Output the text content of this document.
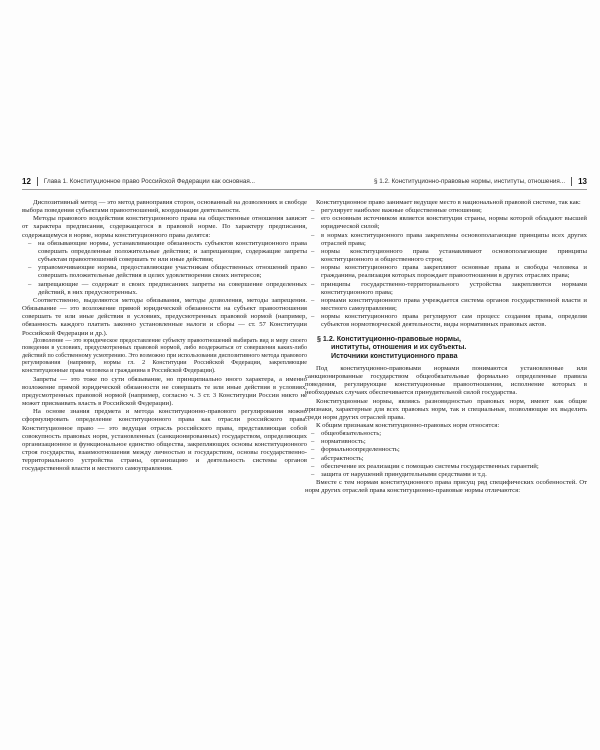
12 Глава 1. Конституционное право Российской Федерации как основная...
Диспозитивный метод — это метод равноправия сторон, основанный на дозволениях и свободе выбора поведения субъектами правоотношений, координации деятельности.
Методы правового воздействия конституционного права на общественные отношения зависят от характера предписания, содержащегося в правовой норме. По характеру предписания, содержащемуся в норме, нормы конституционного права делятся:
– на обязывающие нормы, устанавливающие обязанность субъектов конституционного права совершать определенные положительные действия; и запрещающие, содержащие запреты субъектам правоотношений совершать те или иные действия;
– управомочивающие нормы, предоставляющие участникам общественных отношений право совершать положительные действия в целях удовлетворения своих интересов;
– запрещающие — содержат в своих предписаниях запреты на совершение определенных действий, в них предусмотренных.
Соответственно, выделяются методы обязывания, методы дозволения, методы запрещения. Обязывание — это возложение прямой юридической обязанности на субъект правоотношения совершать те или иные действия в условиях, предусмотренных правовой нормой (например, обязанность каждого платить законно установленные налоги и сборы — ст. 57 Конституции Российской Федерации и др.).
Дозволение — это юридическое предоставление субъекту правоотношений выбирать вид и меру своего поведения в условиях, предусмотренных правовой нормой, либо воздержаться от совершения каких-либо действий по собственному усмотрению. Это возможно при использовании диспозитивного метода правового регулирования (например, нормы гл. 2 Конституции Российской Федерации, закрепляющие конституционные права человека и гражданина в Российской Федерации).
Запреты — это тоже по сути обязывание, но принципиально иного характера, а именно возложение прямой юридической обязанности не совершать те или иные действия в условиях, предусмотренных правовой нормой (например, согласно ч. 3 ст. 3 Конституции России никто не может присваивать власть в Российской Федерации).
На основе знания предмета и метода конституционно-правового регулирования можно сформулировать определение конституционного права как отрасли российского права. Конституционное право — это ведущая отрасль российского права, представляющая собой совокупность правовых норм, установленных (санкционированных) государством, определяющих организационное и функциональное единство общества, закрепляющих основы конституционного строя государства, взаимоотношения между личностью и государством, основы государственно-территориального устройства страны, организацию и деятельность системы органов государственной власти и местного самоуправления.
§ 1.2. Конституционно-правовые нормы, институты, отношения... 13
Конституционное право занимает ведущее место в национальной правовой системе, так как:
– регулирует наиболее важные общественные отношения;
– его основным источником является конституция страны, нормы которой обладают высшей юридической силой;
– в нормах конституционного права закреплены основополагающие принципы всех других отраслей права;
– нормы конституционного права устанавливают основополагающие принципы конституционного и общественного строя;
– нормы конституционного права закрепляют основные права и свободы человека и гражданина, реализация которых порождает правоотношения в других отраслях права;
– принципы государственно-территориального устройства закрепляются нормами конституционного права;
– нормами конституционного права учреждается система органов государственной власти и местного самоуправления;
– нормы конституционного права регулируют сам процесс создания права, определяя субъектов нормотворческой деятельности, виды нормативных правовых актов.
§ 1.2. Конституционно-правовые нормы,
институты, отношения и их субъекты.
Источники конституционного права
Под конституционно-правовыми нормами понимаются установленные или санкционированные государством общеобязательные формально определенные правила поведения, регулирующие конституционные правоотношения, исполнение которых в необходимых случаях обеспечивается принудительной силой государства.
Конституционные нормы, являясь разновидностью правовых норм, имеют как общие признаки, характерные для всех правовых норм, так и специальные, позволяющие их выделить среди норм других отраслей права.
К общим признакам конституционно-правовых норм относятся:
– общеобязательность;
– нормативность;
– формальноопределенность;
– абстрактность;
– обеспечение их реализации с помощью системы государственных гарантий;
– защита от нарушений принудительными средствами и т.д.
Вместе с тем нормам конституционного права присущ ряд специфических особенностей. От норм других отраслей права конституционно-правовые нормы отличаются:
